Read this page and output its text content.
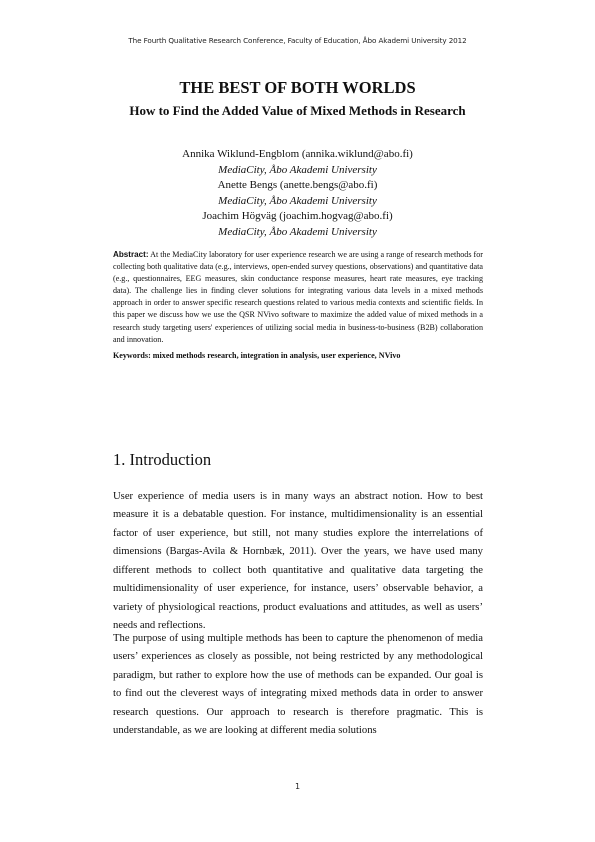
The Fourth Qualitative Research Conference, Faculty of Education, Åbo Akademi University 2012
THE BEST OF BOTH WORLDS
How to Find the Added Value of Mixed Methods in Research
Annika Wiklund-Engblom (annika.wiklund@abo.fi)
MediaCity, Åbo Akademi University
Anette Bengs (anette.bengs@abo.fi)
MediaCity, Åbo Akademi University
Joachim Högväg (joachim.hogvag@abo.fi)
MediaCity, Åbo Akademi University

Abstract: At the MediaCity laboratory for user experience research we are using a range of research methods for collecting both qualitative data (e.g., interviews, open-ended survey questions, observations) and quantitative data (e.g., questionnaires, EEG measures, skin conductance response measures, heart rate measures, eye tracking data). The challenge lies in finding clever solutions for integrating various data levels in a mixed methods approach in order to answer specific research questions related to various media contexts and scientific fields. In this paper we discuss how we use the QSR NVivo software to maximize the added value of mixed methods in a research study targeting users' experiences of utilizing social media in business-to-business (B2B) collaboration and innovation.

Keywords: mixed methods research, integration in analysis, user experience, NVivo

1. Introduction

User experience of media users is in many ways an abstract notion. How to best measure it is a debatable question. For instance, multidimensionality is an essential factor of user experience, but still, not many studies explore the interrelations of dimensions (Bargas-Avila & Hornbæk, 2011). Over the years, we have used many different methods to collect both quantitative and qualitative data targeting the multidimensionality of user experience, for instance, users’ observable behavior, a variety of physiological reactions, product evaluations and attitudes, as well as users’ needs and reflections.

The purpose of using multiple methods has been to capture the phenomenon of media users’ experiences as closely as possible, not being restricted by any methodological paradigm, but rather to explore how the use of methods can be expanded. Our goal is to find out the cleverest ways of integrating mixed methods data in order to answer research questions. Our approach to research is therefore pragmatic. This is understandable, as we are looking at different media solutions

1
